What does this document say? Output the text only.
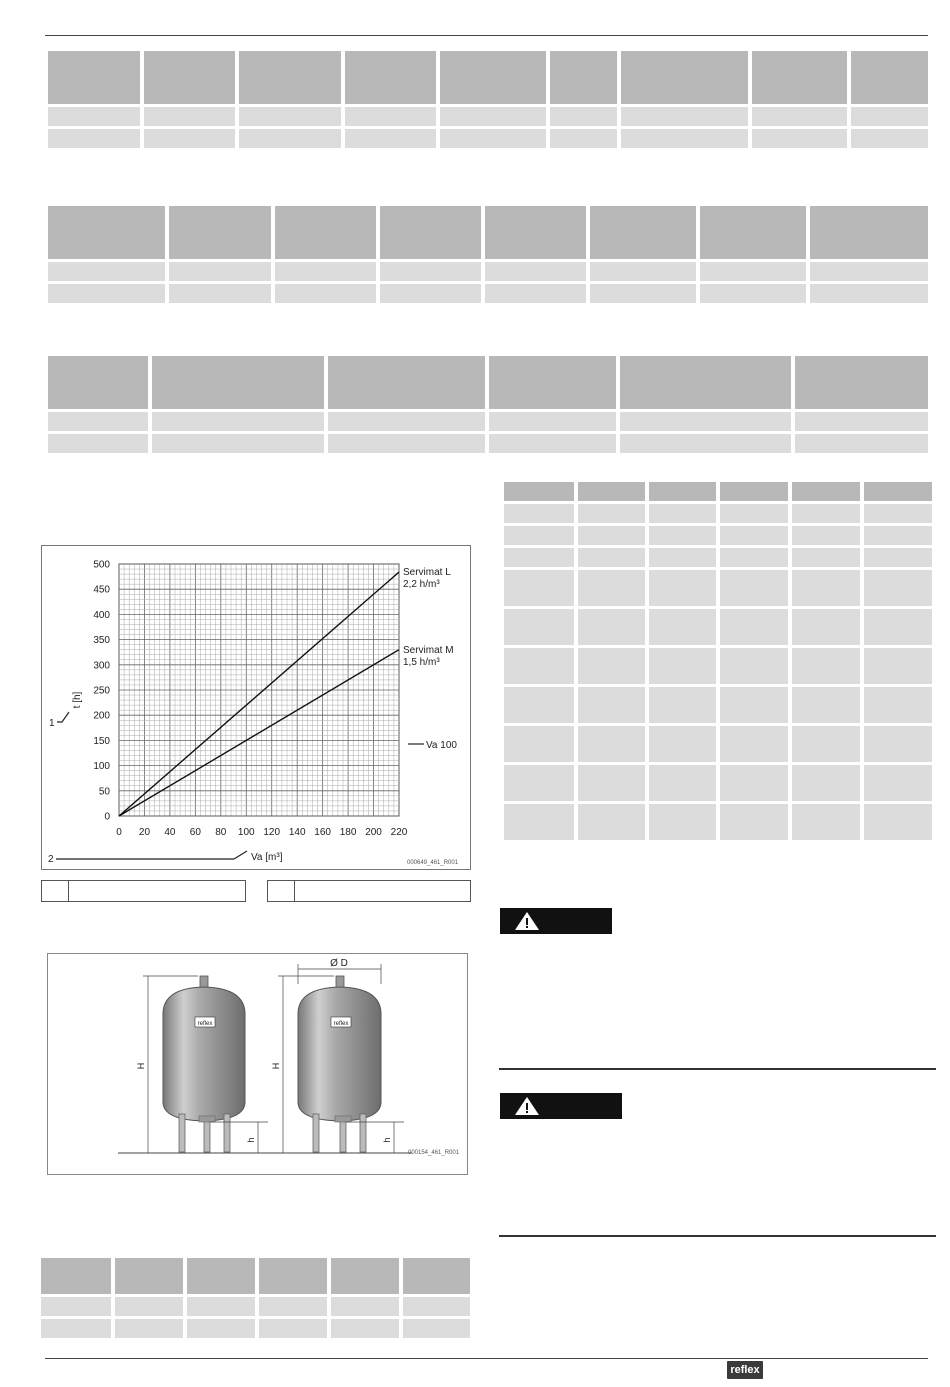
0
50
100
150
200
250
300
350
400
450
500
0 20 40 60 80 100 120 140 160 180 200 220
t [h]
1
Servimat L
2,2 h/m³
Servimat M
1,5 h/m³
Va 100
2	Va [m³]	000649_461_R001
reflex
H
h
reflex
Ø D
H
h
000154_461_R001

reflex
